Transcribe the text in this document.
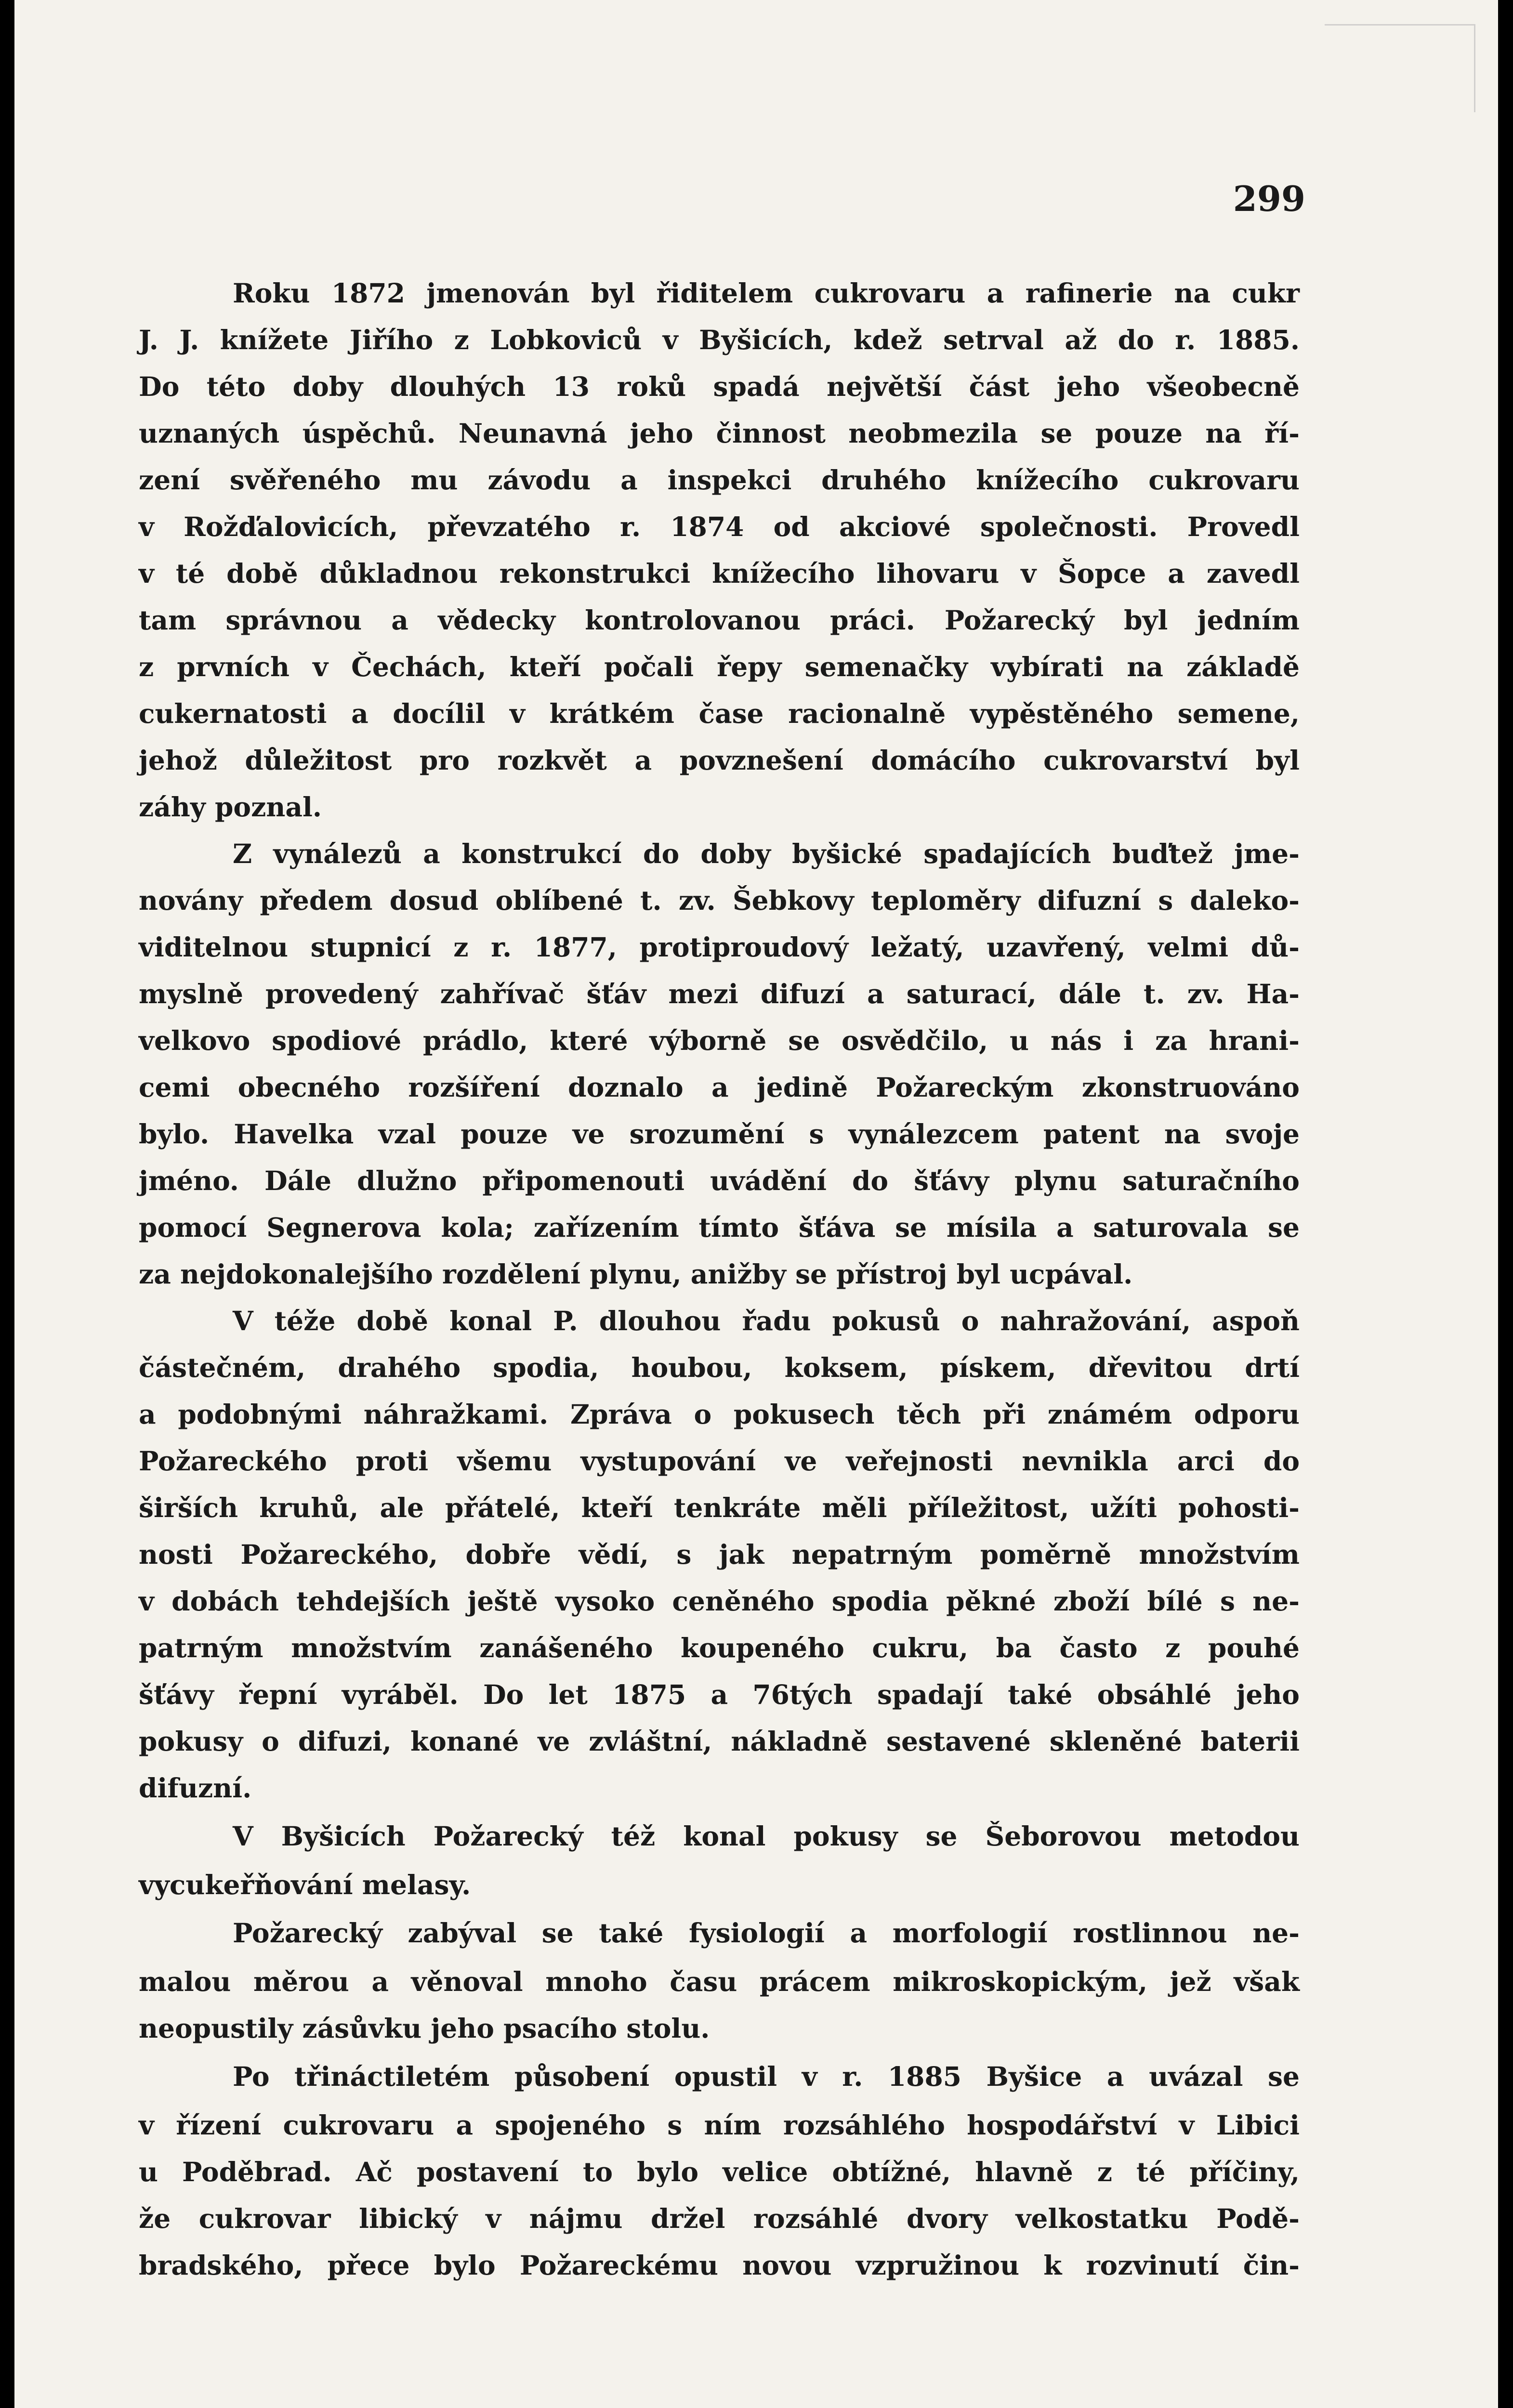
299
Roku 1872 jmenován byl řiditelem cukrovaru a rafinerie na cukr
J. J. knížete Jiřího z Lobkoviců v Byšicích, kdež setrval až do r. 1885.
Do této doby dlouhých 13 roků spadá největší část jeho všeobecně
uznaných úspěchů. Neunavná jeho činnost neobmezila se pouze na ří-
zení svěřeného mu závodu a inspekci druhého knížecího cukrovaru
v Rožďalovicích, převzatého r. 1874 od akciové společnosti. Provedl
v té době důkladnou rekonstrukci knížecího lihovaru v Šopce a zavedl
tam správnou a vědecky kontrolovanou práci. Požarecký byl jedním
z prvních v Čechách, kteří počali řepy semenačky vybírati na základě
cukernatosti a docílil v krátkém čase racionalně vypěstěného semene,
jehož důležitost pro rozkvět a povznešení domácího cukrovarství byl
záhy poznal.
Z vynálezů a konstrukcí do doby byšické spadajících buďtež jme-
novány předem dosud oblíbené t. zv. Šebkovy teploměry difuzní s daleko-
viditelnou stupnicí z r. 1877, protiproudový ležatý, uzavřený, velmi dů-
myslně provedený zahřívač šťáv mezi difuzí a saturací, dále t. zv. Ha-
velkovo spodiové prádlo, které výborně se osvědčilo, u nás i za hrani-
cemi obecného rozšíření doznalo a jedině Požareckým zkonstruováno
bylo. Havelka vzal pouze ve srozumění s vynálezcem patent na svoje
jméno. Dále dlužno připomenouti uvádění do šťávy plynu saturačního
pomocí Segnerova kola; zařízením tímto šťáva se mísila a saturovala se
za nejdokonalejšího rozdělení plynu, anižby se přístroj byl ucpával.
V téže době konal P. dlouhou řadu pokusů o nahražování, aspoň
částečném, drahého spodia, houbou, koksem, pískem, dřevitou drtí
a podobnými náhražkami. Zpráva o pokusech těch při známém odporu
Požareckého proti všemu vystupování ve veřejnosti nevnikla arci do
širších kruhů, ale přátelé, kteří tenkráte měli příležitost, užíti pohosti-
nosti Požareckého, dobře vědí, s jak nepatrným poměrně množstvím
v dobách tehdejších ještě vysoko ceněného spodia pěkné zboží bílé s ne-
patrným množstvím zanášeného koupeného cukru, ba často z pouhé
šťávy řepní vyráběl. Do let 1875 a 76tých spadají také obsáhlé jeho
pokusy o difuzi, konané ve zvláštní, nákladně sestavené skleněné baterii
difuzní.
V Byšicích Požarecký též konal pokusy se Šeborovou metodou
vycukeřňování melasy.
Požarecký zabýval se také fysiologií a morfologií rostlinnou ne-
malou měrou a věnoval mnoho času prácem mikroskopickým, jež však
neopustily zásůvku jeho psacího stolu.
Po třináctiletém působení opustil v r. 1885 Byšice a uvázal se
v řízení cukrovaru a spojeného s ním rozsáhlého hospodářství v Libici
u Poděbrad. Ač postavení to bylo velice obtížné, hlavně z té příčiny,
že cukrovar libický v nájmu držel rozsáhlé dvory velkostatku Podě-
bradského, přece bylo Požareckému novou vzpružinou k rozvinutí čin-
